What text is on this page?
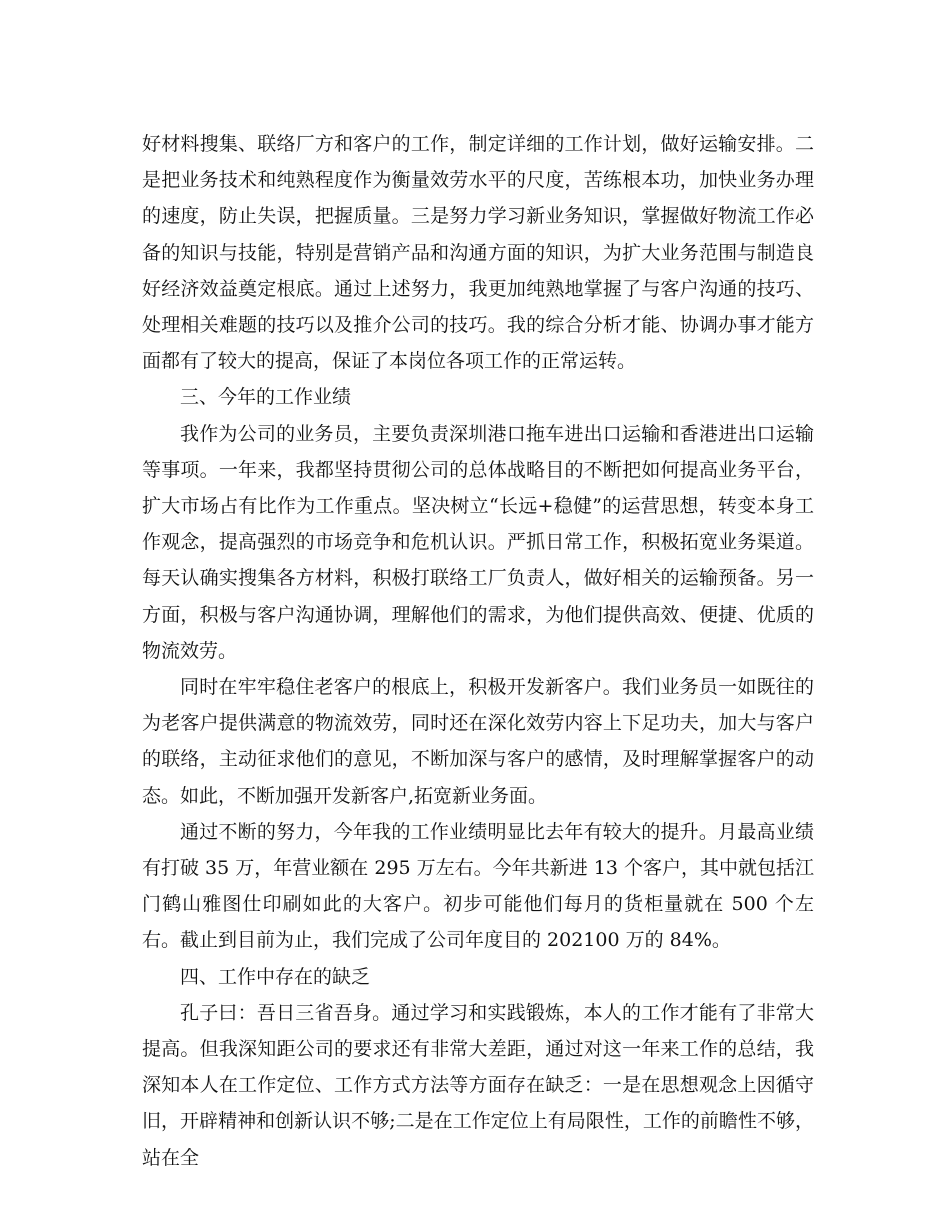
好材料搜集、联络厂方和客户的工作，制定详细的工作计划，做好运输安排。二是把业务技术和纯熟程度作为衡量效劳水平的尺度，苦练根本功，加快业务办理的速度，防止失误，把握质量。三是努力学习新业务知识，掌握做好物流工作必备的知识与技能，特别是营销产品和沟通方面的知识，为扩大业务范围与制造良好经济效益奠定根底。通过上述努力，我更加纯熟地掌握了与客户沟通的技巧、处理相关难题的技巧以及推介公司的技巧。我的综合分析才能、协调办事才能方面都有了较大的提高，保证了本岗位各项工作的正常运转。

三、今年的工作业绩

我作为公司的业务员，主要负责深圳港口拖车进出口运输和香港进出口运输等事项。一年来，我都坚持贯彻公司的总体战略目的不断把如何提高业务平台，扩大市场占有比作为工作重点。坚决树立“长远+稳健”的运营思想，转变本身工作观念，提高强烈的市场竞争和危机认识。严抓日常工作，积极拓宽业务渠道。每天认确实搜集各方材料，积极打联络工厂负责人，做好相关的运输预备。另一方面，积极与客户沟通协调，理解他们的需求，为他们提供高效、便捷、优质的物流效劳。

同时在牢牢稳住老客户的根底上，积极开发新客户。我们业务员一如既往的为老客户提供满意的物流效劳，同时还在深化效劳内容上下足功夫，加大与客户的联络，主动征求他们的意见，不断加深与客户的感情，及时理解掌握客户的动态。如此，不断加强开发新客户,拓宽新业务面。

通过不断的努力，今年我的工作业绩明显比去年有较大的提升。月最高业绩有打破 35 万，年营业额在 295 万左右。今年共新进 13 个客户，其中就包括江门鹤山雅图仕印刷如此的大客户。初步可能他们每月的货柜量就在 500 个左右。截止到目前为止，我们完成了公司年度目的 202100 万的 84%。

四、工作中存在的缺乏

孔子曰：吾日三省吾身。通过学习和实践锻炼，本人的工作才能有了非常大提高。但我深知距公司的要求还有非常大差距，通过对这一年来工作的总结，我深知本人在工作定位、工作方式方法等方面存在缺乏：一是在思想观念上因循守旧，开辟精神和创新认识不够;二是在工作定位上有局限性，工作的前瞻性不够，站在全
